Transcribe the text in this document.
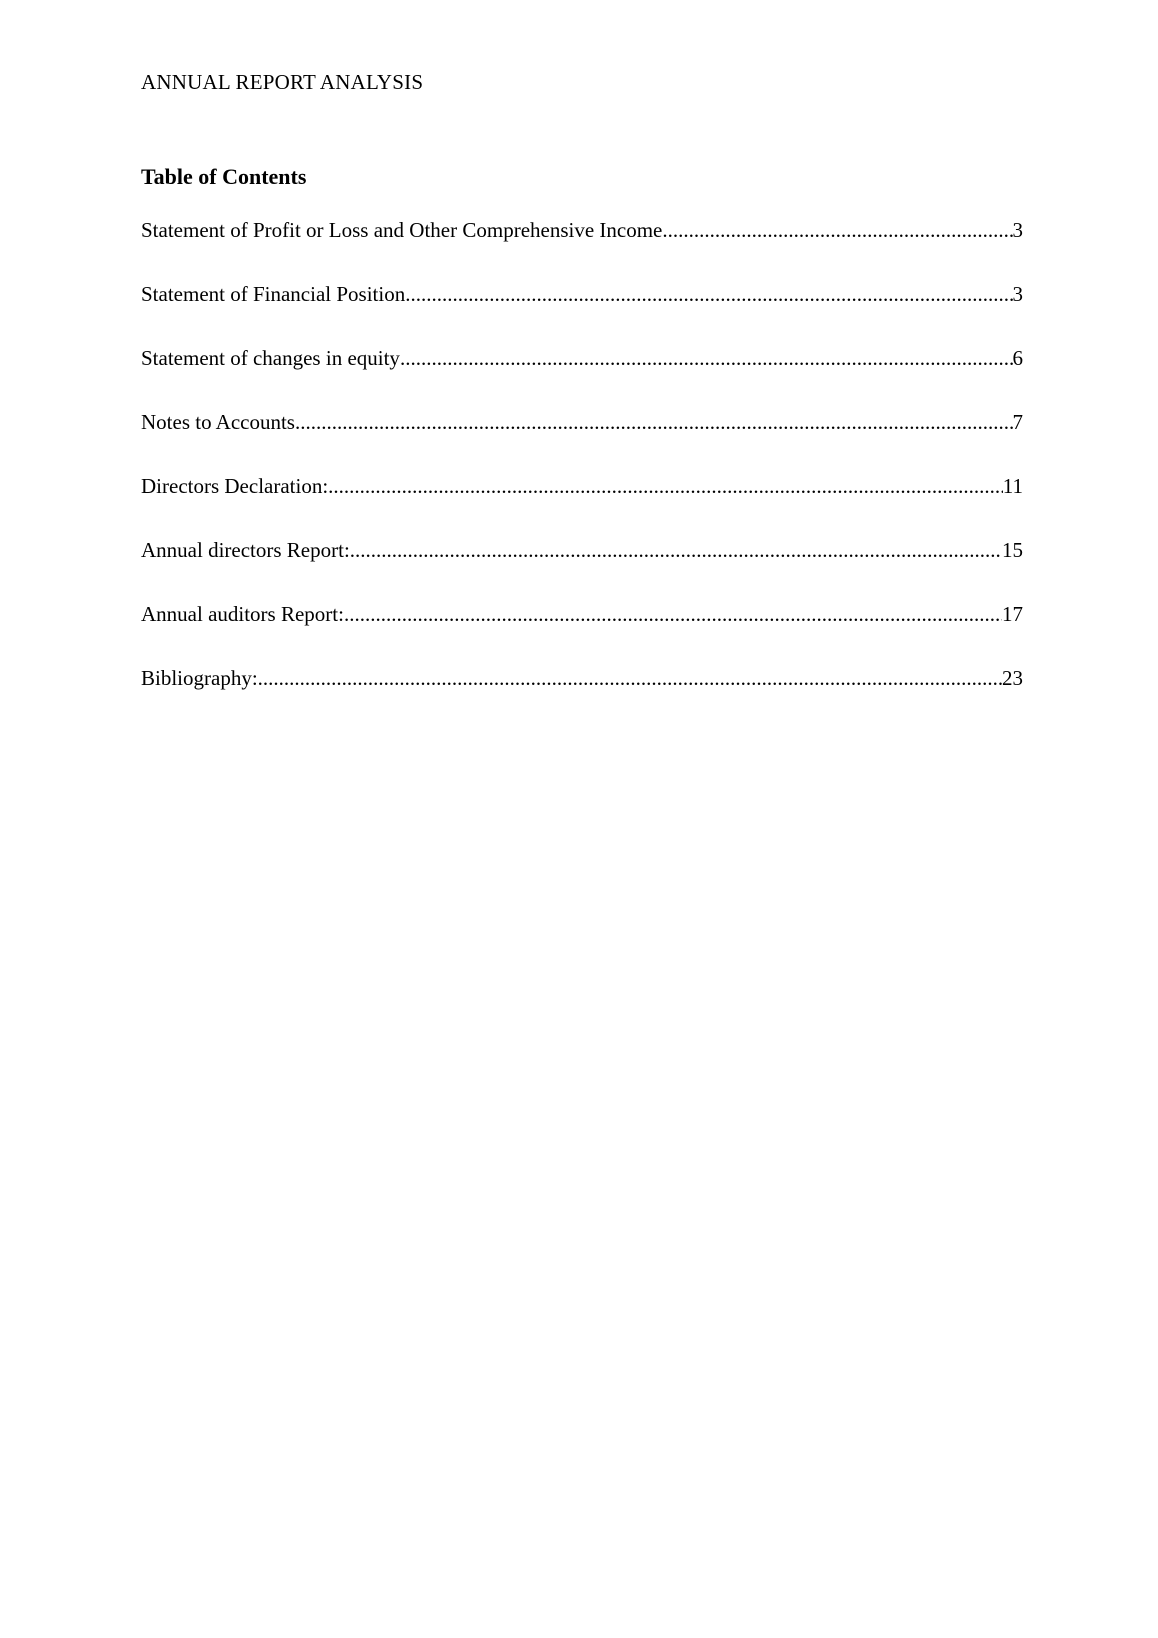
ANNUAL REPORT ANALYSIS
Table of Contents
Statement of Profit or Loss and Other Comprehensive Income .....	3
Statement of Financial Position .....	3
Statement of changes in equity .....	6
Notes to Accounts .....	7
Directors Declaration: .....	11
Annual directors Report: .....	15
Annual auditors Report: .....	17
Bibliography: .....	23
